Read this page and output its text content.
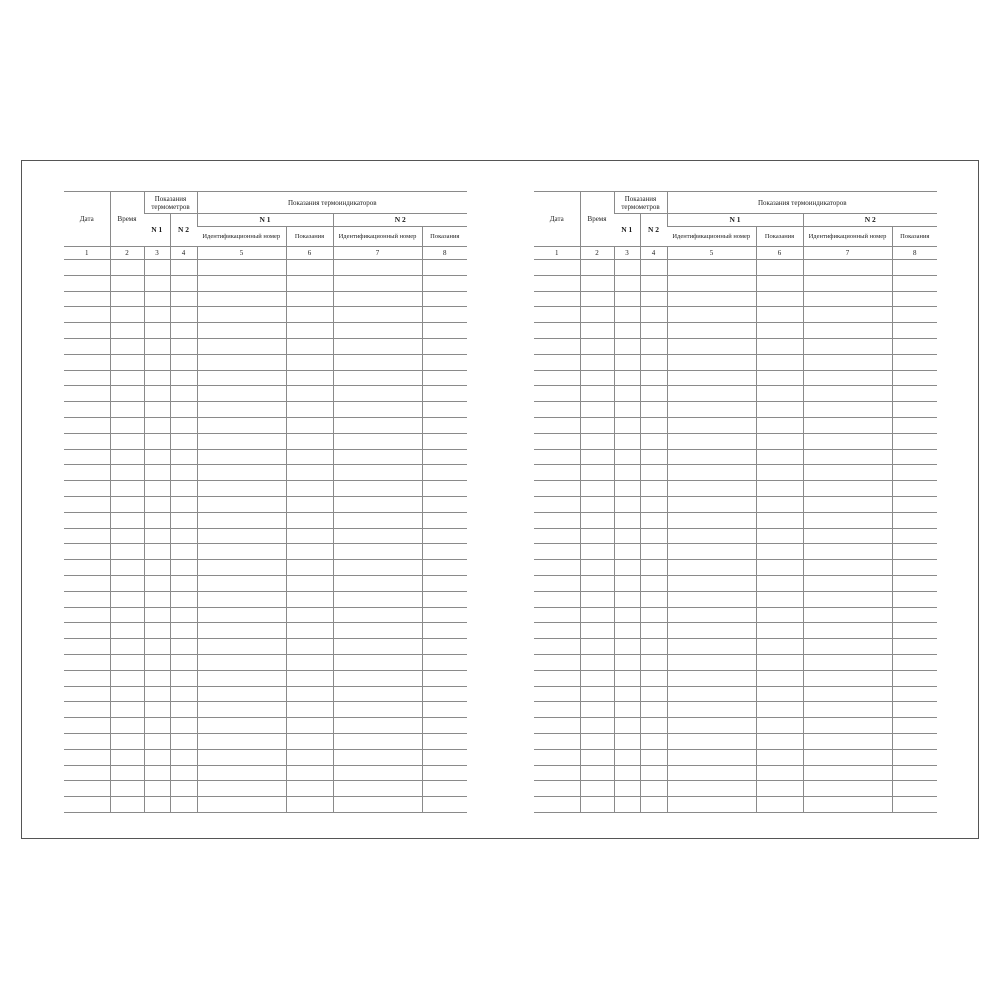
Дата	Время	Показания термометров		Показания термоиндикаторов			
		N 1	N 2	N 1		N 2	
				Идентификационный номер	Показания	Идентификационный номер	Показания
1	2	3	4	5	6	7	8

Дата	Время	Показания термометров		Показания термоиндикаторов			
		N 1	N 2	N 1		N 2	
				Идентификационный номер	Показания	Идентификационный номер	Показания
1	2	3	4	5	6	7	8
